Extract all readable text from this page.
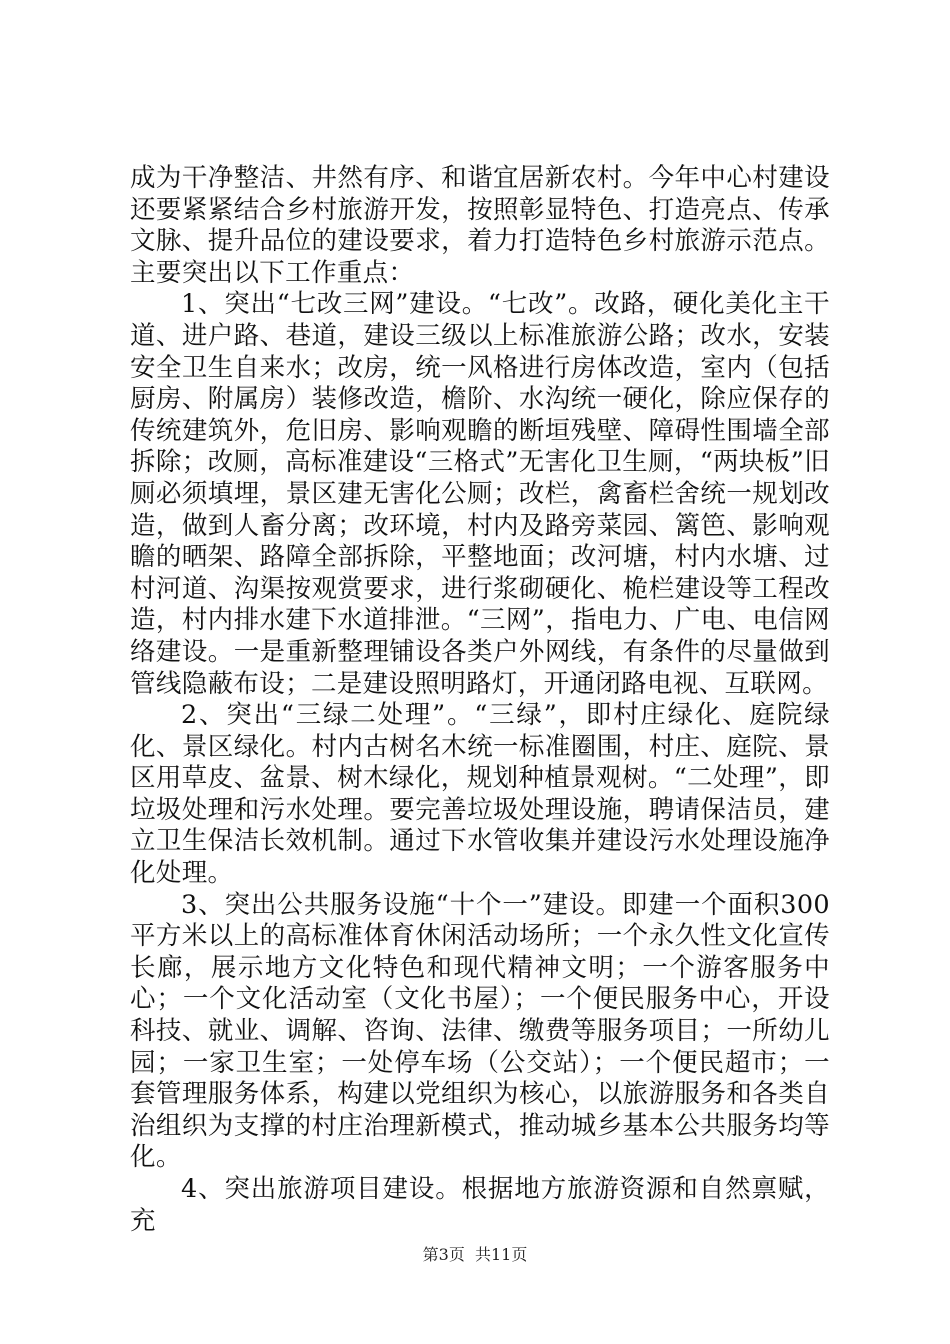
成为干净整洁、井然有序、和谐宜居新农村。今年中心村建设还要紧紧结合乡村旅游开发，按照彰显特色、打造亮点、传承文脉、提升品位的建设要求，着力打造特色乡村旅游示范点。主要突出以下工作重点：

1、突出“七改三网”建设。“七改”。改路，硬化美化主干道、进户路、巷道，建设三级以上标准旅游公路；改水，安装安全卫生自来水；改房，统一风格进行房体改造，室内（包括厨房、附属房）装修改造，檐阶、水沟统一硬化，除应保存的传统建筑外，危旧房、影响观瞻的断垣残壁、障碍性围墙全部拆除；改厕，高标准建设“三格式”无害化卫生厕，“两块板”旧厕必须填埋，景区建无害化公厕；改栏，禽畜栏舍统一规划改造，做到人畜分离；改环境，村内及路旁菜园、篱笆、影响观瞻的晒架、路障全部拆除，平整地面；改河塘，村内水塘、过村河道、沟渠按观赏要求，进行浆砌硬化、桅栏建设等工程改造，村内排水建下水道排泄。“三网”，指电力、广电、电信网络建设。一是重新整理铺设各类户外网线，有条件的尽量做到管线隐蔽布设；二是建设照明路灯，开通闭路电视、互联网。

2、突出“三绿二处理”。“三绿”，即村庄绿化、庭院绿化、景区绿化。村内古树名木统一标准圈围，村庄、庭院、景区用草皮、盆景、树木绿化，规划种植景观树。“二处理”，即垃圾处理和污水处理。要完善垃圾处理设施，聘请保洁员，建立卫生保洁长效机制。通过下水管收集并建设污水处理设施净化处理。

3、突出公共服务设施“十个一”建设。即建一个面积300平方米以上的高标准体育休闲活动场所；一个永久性文化宣传长廊，展示地方文化特色和现代精神文明；一个游客服务中心；一个文化活动室（文化书屋）；一个便民服务中心，开设科技、就业、调解、咨询、法律、缴费等服务项目；一所幼儿园；一家卫生室；一处停车场（公交站）；一个便民超市；一套管理服务体系，构建以党组织为核心，以旅游服务和各类自治组织为支撑的村庄治理新模式，推动城乡基本公共服务均等化。

4、突出旅游项目建设。根据地方旅游资源和自然禀赋，充

第3页  共11页
